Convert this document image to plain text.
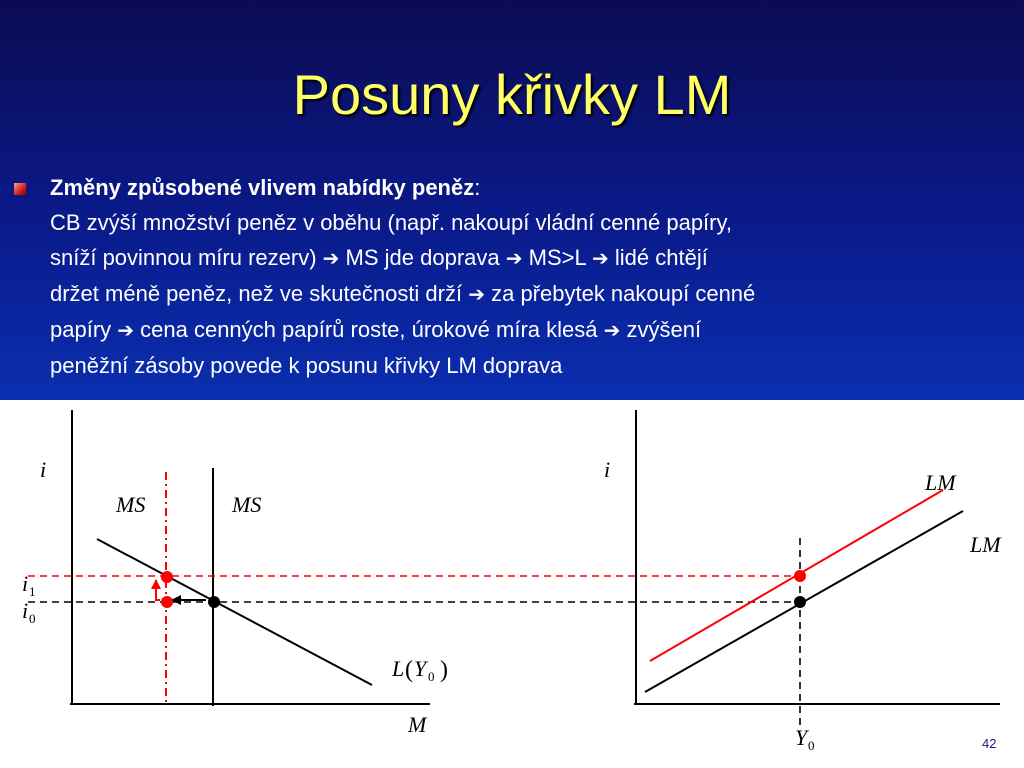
Posuny křivky LM
Změny způsobené vlivem nabídky peněz:
CB zvýší množství peněz v oběhu (např. nakoupí vládní cenné papíry,
sníží povinnou míru rezerv) ➔ MS jde doprava ➔ MS>L ➔ lidé chtějí
držet méně peněz, než ve skutečnosti drží ➔ za přebytek nakoupí cenné
papíry ➔ cena cenných papírů roste, úrokové míra klesá ➔ zvýšení
peněžní zásoby povede k posunu křivky LM doprava
i
M
MS	MS
L ( Y 0 )
i 1
i 0
i
LM
LM
Y 0	42
